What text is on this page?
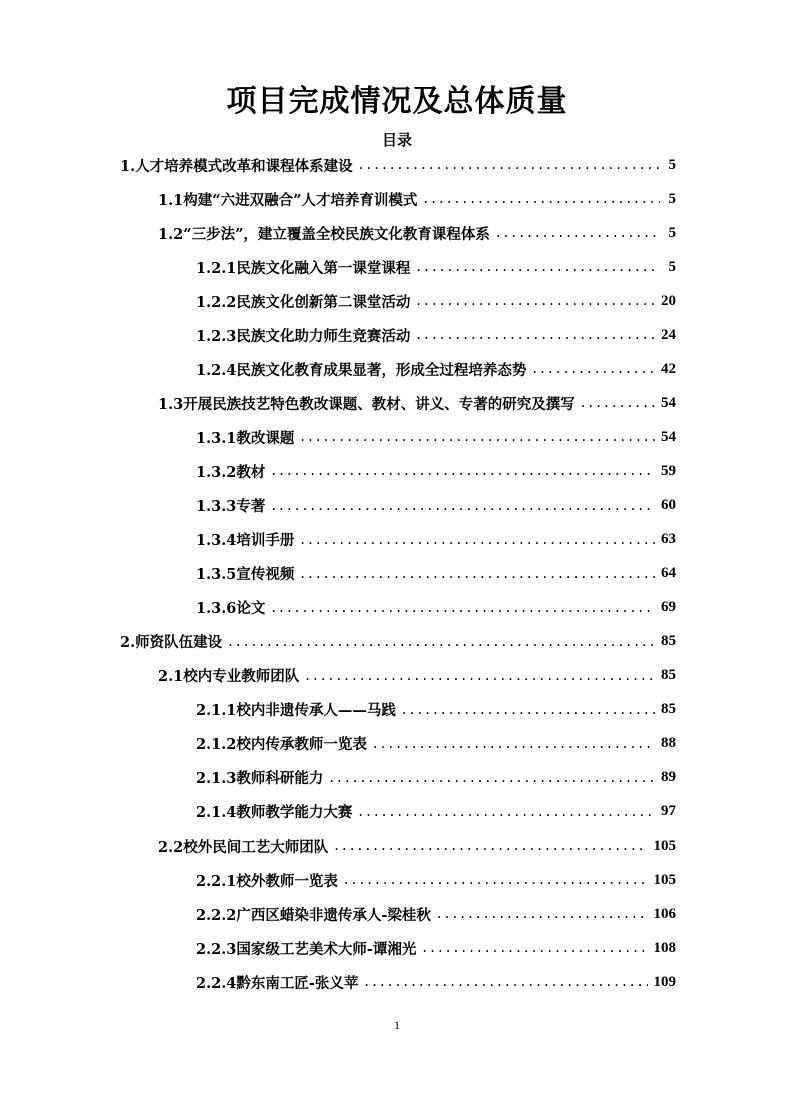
项目完成情况及总体质量
目录
1.人才培养模式改革和课程体系建设 .....	5
1.1构建“六进双融合”人才培养育训模式 .....	5
1.2“三步法”，建立覆盖全校民族文化教育课程体系 .....	5
1.2.1民族文化融入第一课堂课程 .....	5
1.2.2民族文化创新第二课堂活动 .....	20
1.2.3民族文化助力师生竞赛活动 .....	24
1.2.4民族文化教育成果显著，形成全过程培养态势 .....	42
1.3开展民族技艺特色教改课题、教材、讲义、专著的研究及撰写 .....	54
1.3.1教改课题 .....	54
1.3.2教材 .....	59
1.3.3专著 .....	60
1.3.4培训手册 .....	63
1.3.5宣传视频 .....	64
1.3.6论文 .....	69
2.师资队伍建设 .....	85
2.1校内专业教师团队 .....	85
2.1.1校内非遗传承人——马践 .....	85
2.1.2校内传承教师一览表 .....	88
2.1.3教师科研能力 .....	89
2.1.4教师教学能力大赛 .....	97
2.2校外民间工艺大师团队 .....	105
2.2.1校外教师一览表 .....	105
2.2.2广西区蜡染非遗传承人-梁桂秋 .....	106
2.2.3国家级工艺美术大师-谭湘光 .....	108
2.2.4黔东南工匠-张义苹 .....	109
1
